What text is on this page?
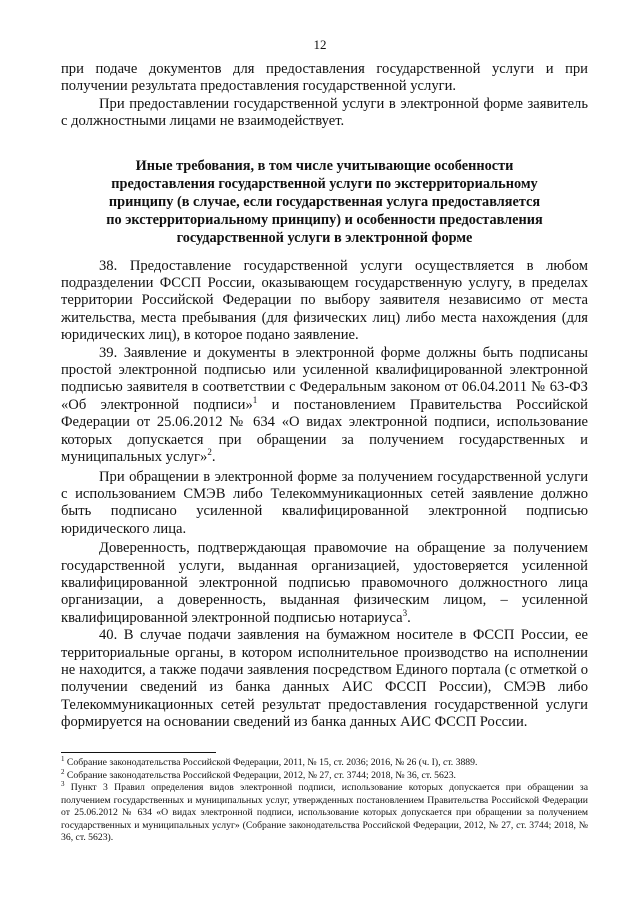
12

при подаче документов для предоставления государственной услуги и при получении результата предоставления государственной услуги.

При предоставлении государственной услуги в электронной форме заявитель с должностными лицами не взаимодействует.

Иные требования, в том числе учитывающие особенности
предоставления государственной услуги по экстерриториальному
принципу (в случае, если государственная услуга предоставляется
по экстерриториальному принципу) и особенности предоставления
государственной услуги в электронной форме

38. Предоставление государственной услуги осуществляется в любом подразделении ФССП России, оказывающем государственную услугу, в пределах территории Российской Федерации по выбору заявителя независимо от места жительства, места пребывания (для физических лиц) либо места нахождения (для юридических лиц), в которое подано заявление.

39. Заявление и документы в электронной форме должны быть подписаны простой электронной подписью или усиленной квалифицированной электронной подписью заявителя в соответствии с Федеральным законом от 06.04.2011 № 63-ФЗ «Об электронной подписи»$^1$ и постановлением Правительства Российской Федерации от 25.06.2012 № 634 «О видах электронной подписи, использование которых допускается при обращении за получением государственных и муниципальных услуг»$^2$.

При обращении в электронной форме за получением государственной услуги с использованием СМЭВ либо Телекоммуникационных сетей заявление должно быть подписано усиленной квалифицированной электронной подписью юридического лица.

Доверенность, подтверждающая правомочие на обращение за получением государственной услуги, выданная организацией, удостоверяется усиленной квалифицированной электронной подписью правомочного должностного лица организации, а доверенность, выданная физическим лицом, – усиленной квалифицированной электронной подписью нотариуса$^3$.

40. В случае подачи заявления на бумажном носителе в ФССП России, ее территориальные органы, в котором исполнительное производство на исполнении не находится, а также подачи заявления посредством Единого портала (с отметкой о получении сведений из банка данных АИС ФССП России), СМЭВ либо Телекоммуникационных сетей результат предоставления государственной услуги формируется на основании сведений из банка данных АИС ФССП России.

$^1$ Собрание законодательства Российской Федерации, 2011, № 15, ст. 2036; 2016, № 26 (ч. I), ст. 3889.

$^2$ Собрание законодательства Российской Федерации, 2012, № 27, ст. 3744; 2018, № 36, ст. 5623.

$^3$ Пункт 3 Правил определения видов электронной подписи, использование которых допускается при обращении за получением государственных и муниципальных услуг, утвержденных постановлением Правительства Российской Федерации от 25.06.2012 № 634 «О видах электронной подписи, использование которых допускается при обращении за получением государственных и муниципальных услуг» (Собрание законодательства Российской Федерации, 2012, № 27, ст. 3744; 2018, № 36, ст. 5623).
